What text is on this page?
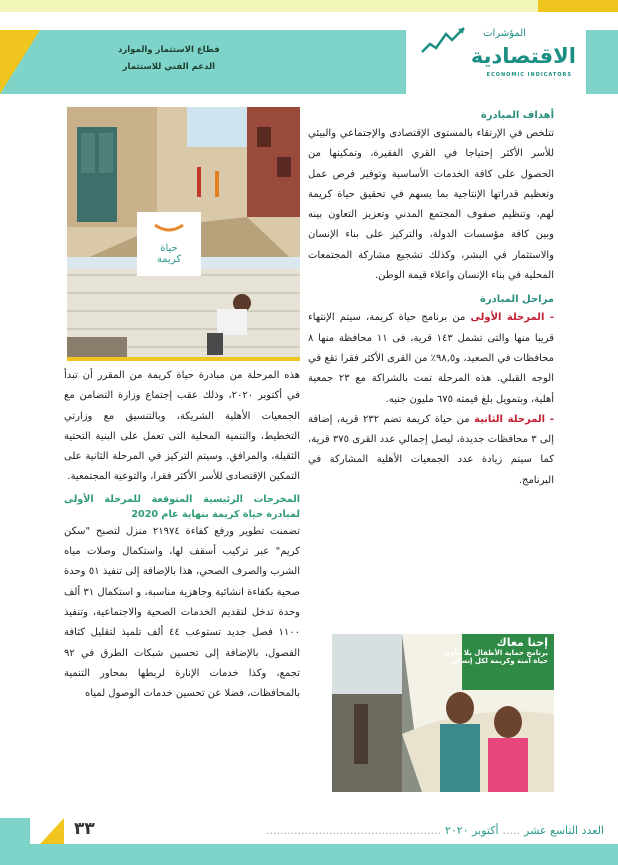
المؤشرات
الاقتصادية
ECONOMIC INDICATORS
قطاع الاستثمار والموارد
الدعم الفني للاستثمار
حياة
كريمة
أهداف المبادرة

تتلخص في الإرتقاء بالمستوى الإقتصادى والإجتماعي والبيئي للأسر الأكثر إحتياجا في القري الفقيرة، وتمكينها من الحصول على كافة الخدمات الأساسية وتوفير فرص عمل وتعظيم قدراتها الإنتاجية بما يسهم في تحقيق حياة كريمة لهم، وتنظيم صفوف المجتمع المدني وتعزيز التعاون بينه وبين كافة مؤسسات الدولة، والتركيز على بناء الإنسان والاستثمار في البشر، وكذلك تشجيع مشاركة المجتمعات المحلية في بناء الإنسان واعلاء قيمة الوطن.

مراحل المبادرة

- المرحلة الأولى من برنامج حياة كريمة، سيتم الإنتهاء قريبا منها والتى تشمل ١٤٣ قرية، فى ١١ محافظة منها ٨ محافظات في الصعيد، و٩٨,٥٪ من القرى الأكثر فقرا تقع في الوجه القبلي. هذه المرحلة تمت بالشراكة مع ٢٣ جمعية أهلية، وبتمويل بلغ قيمته ٦٧٥ مليون جنيه.

- المرحلة الثانية من حياة كريمة تضم ٢٣٢ قرية، إضافة إلى ٣ محافظات جديدة، ليصل إجمالي عدد القرى ٣٧٥ قرية، كما سيتم زيادة عدد الجمعيات الأهلية المشاركة في البرنامج.

هذه المرحلة من مبادرة حياة كريمة من المقرر أن تبدأ في أكتوبر ٢٠٢٠، وذلك عقب إجتماع وزارة التضامن مع الجمعيات الأهلية الشريكة، وبالتنسيق مع وزارتي التخطيط، والتنمية المحلية التى تعمل على البنية التحتية الثقيلة، والمرافق. وسيتم التركيز في المرحلة الثانية على التمكين الإقتصادى للأسر الأكثر فقرا، والتوعية المجتمعية.

المخرجات الرئيسية المتوقعة للمرحلة الأولى لمبادرة حياة كريمة بنهاية عام 2020

تضمنت تطوير ورفع كفاءة ٢١٩٧٤ منزل لتصبح "سكن كريم" عبر تركيب أسقف لها، واستكمال وصلات مياه الشرب والصرف الصحي، هذا بالإضافة إلى تنفيذ ٥١ وحدة صحية بكفاءة انشائية وجاهزية مناسبة، و استكمال ٣١ ألف وحدة تدخل لتقديم الخدمات الصحية والاجتماعية، وتنفيذ ١١٠٠ فصل جديد تستوعب ٤٤ ألف تلميذ لتقليل كثافة الفصول، بالإضافة إلى تحسين شبكات الطرق في ٩٢ تجمع، وكذا خدمات الإنارة لربطها بمحاور التنمية بالمحافظات، فضلا عن تحسين خدمات الوصول لمياه

إحنا معاك
برنامج حماية الأطفال بلا مأوى
حياة آمنة وكريمة لكل إنسان
٣٣	العدد التاسع عشر.....أكتوبر ٢٠٢٠..................................................
